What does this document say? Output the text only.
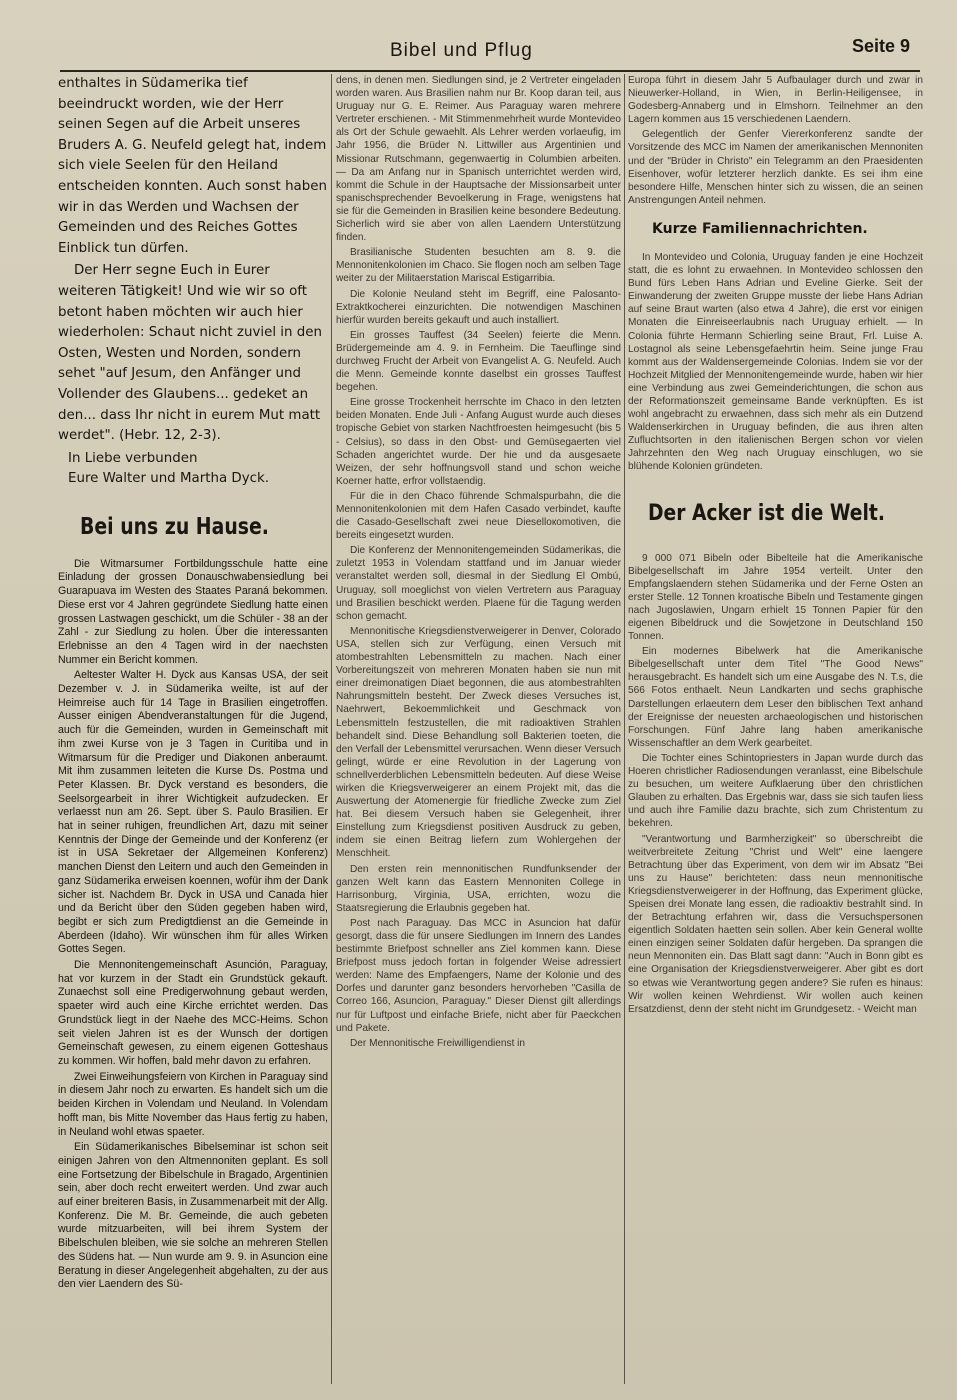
Bibel und Pflug	Seite 9

enthaltes in Südamerika tief beeindruckt worden, wie der Herr seinen Segen auf die Arbeit unseres Bruders A. G. Neufeld gelegt hat, indem sich viele Seelen für den Heiland entscheiden konnten. Auch sonst haben wir in das Werden und Wachsen der Gemeinden und des Reiches Gottes Einblick tun dürfen.

Der Herr segne Euch in Eurer weiteren Tätigkeit! Und wie wir so oft betont haben möchten wir auch hier wiederholen: Schaut nicht zuviel in den Osten, Westen und Norden, sondern sehet "auf Jesum, den Anfänger und Vollender des Glaubens... gedeket an den... dass Ihr nicht in eurem Mut matt werdet". (Hebr. 12, 2-3).

In Liebe verbunden
Eure Walter und Martha Dyck.
Bei uns zu Hause.

Die Witmarsumer Fortbildungsschule hatte eine Einladung der grossen Donauschwabensiedlung bei Guarapuava im Westen des Staates Paraná bekommen. Diese erst vor 4 Jahren gegründete Siedlung hatte einen grossen Lastwagen geschickt, um die Schüler - 38 an der Zahl - zur Siedlung zu holen. Über die interessanten Erlebnisse an den 4 Tagen wird in der naechsten Nummer ein Bericht kommen.

Aeltester Walter H. Dyck aus Kansas USA, der seit Dezember v. J. in Südamerika weilte, ist auf der Heimreise auch für 14 Tage in Brasilien eingetroffen. Ausser einigen Abendveranstaltungen für die Jugend, auch für die Gemeinden, wurden in Gemeinschaft mit ihm zwei Kurse von je 3 Tagen in Curitiba und in Witmarsum für die Prediger und Diakonen anberaumt. Mit ihm zusammen leiteten die Kurse Ds. Postma und Peter Klassen. Br. Dyck verstand es besonders, die Seelsorgearbeit in ihrer Wichtigkeit aufzudecken. Er verlaesst nun am 26. Sept. über S. Paulo Brasilien. Er hat in seiner ruhigen, freundlichen Art, dazu mit seiner Kenntnis der Dinge der Gemeinde und der Konferenz (er ist in USA Sekretaer der Allgemeinen Konferenz) manchen Dienst den Leitern und auch den Gemeinden in ganz Südamerika erweisen koennen, wofür ihm der Dank sicher ist. Nachdem Br. Dyck in USA und Canada hier und da Bericht über den Süden gegeben haben wird, begibt er sich zum Predigtdienst an die Gemeinde in Aberdeen (Idaho). Wir wünschen ihm für alles Wirken Gottes Segen.

Die Mennonitengemeinschaft Asunción, Paraguay, hat vor kurzem in der Stadt ein Grundstück gekauft. Zunaechst soll eine Predigerwohnung gebaut werden, spaeter wird auch eine Kirche errichtet werden. Das Grundstück liegt in der Naehe des MCC-Heims. Schon seit vielen Jahren ist es der Wunsch der dortigen Gemeinschaft gewesen, zu einem eigenen Gotteshaus zu kommen. Wir hoffen, bald mehr davon zu erfahren.

Zwei Einweihungsfeiern von Kirchen in Paraguay sind in diesem Jahr noch zu erwarten. Es handelt sich um die beiden Kirchen in Volendam und Neuland. In Volendam hofft man, bis Mitte November das Haus fertig zu haben, in Neuland wohl etwas spaeter.

Ein Südamerikanisches Bibelseminar ist schon seit einigen Jahren von den Altmennoniten geplant. Es soll eine Fortsetzung der Bibelschule in Bragado, Argentinien sein, aber doch recht erweitert werden. Und zwar auch auf einer breiteren Basis, in Zusammenarbeit mit der Allg. Konferenz. Die M. Br. Gemeinde, die auch gebeten wurde mitzuarbeiten, will bei ihrem System der Bibelschulen bleiben, wie sie solche an mehreren Stellen des Südens hat. — Nun wurde am 9. 9. in Asuncion eine Beratung in dieser Angelegenheit abgehalten, zu der aus den vier Laendern des Sü-

dens, in denen men. Siedlungen sind, je 2 Vertreter eingeladen worden waren. Aus Brasilien nahm nur Br. Koop daran teil, aus Uruguay nur G. E. Reimer. Aus Paraguay waren mehrere Vertreter erschienen. - Mit Stimmenmehrheit wurde Montevideo als Ort der Schule gewaehlt. Als Lehrer werden vorlaeufig, im Jahr 1956, die Brüder N. Littwiller aus Argentinien und Missionar Rutschmann, gegenwaertig in Columbien arbeiten. — Da am Anfang nur in Spanisch unterrichtet werden wird, kommt die Schule in der Hauptsache der Missionsarbeit unter spanischsprechender Bevoelkerung in Frage, wenigstens hat sie für die Gemeinden in Brasilien keine besondere Bedeutung. Sicherlich wird sie aber von allen Laendern Unterstützung finden.

Brasilianische Studenten besuchten am 8. 9. die Mennonitenkolonien im Chaco. Sie flogen noch am selben Tage weiter zu der Militaerstation Mariscal Estigarribia.

Die Kolonie Neuland steht im Begriff, eine Palosanto- Extraktkocherei einzurichten. Die notwendigen Maschinen hierfür wurden bereits gekauft und auch installiert.

Ein grosses Tauffest (34 Seelen) feierte die Menn. Brüdergemeinde am 4. 9. in Fernheim. Die Taeuflinge sind durchweg Frucht der Arbeit von Evangelist A. G. Neufeld. Auch die Menn. Gemeinde konnte daselbst ein grosses Tauffest begehen.

Eine grosse Trockenheit herrschte im Chaco in den letzten beiden Monaten. Ende Juli - Anfang August wurde auch dieses tropische Gebiet von starken Nachtfroesten heimgesucht (bis 5 - Celsius), so dass in den Obst- und Gemüsegaerten viel Schaden angerichtet wurde. Der hie und da ausgesaete Weizen, der sehr hoffnungsvoll stand und schon weiche Koerner hatte, erfror vollstaendig.

Für die in den Chaco führende Schmalspurbahn, die die Mennonitenkolonien mit dem Hafen Casado verbindet, kaufte die Casado-Gesellschaft zwei neue Dieselloкomotiven, die bereits eingesetzt wurden.

Die Konferenz der Mennonitengemeinden Südamerikas, die zuletzt 1953 in Volendam stattfand und im Januar wieder veranstaltet werden soll, diesmal in der Siedlung El Ombú, Uruguay, soll moeglichst von vielen Vertretern aus Paraguay und Brasilien beschickt werden. Plaene für die Tagung werden schon gemacht.

Mennonitische Kriegsdienstverweigerer in Denver, Colorado USA, stellen sich zur Verfügung, einen Versuch mit atombestrahlten Lebensmitteln zu machen. Nach einer Vorbereitungszeit von mehreren Monaten haben sie nun mit einer dreimonatigen Diaet begonnen, die aus atombestrahlten Nahrungsmitteln besteht. Der Zweck dieses Versuches ist, Naehrwert, Bekoemmlichkeit und Geschmack von Lebensmitteln festzustellen, die mit radioaktiven Strahlen behandelt sind. Diese Behandlung soll Bakterien toeten, die den Verfall der Lebensmittel verursachen. Wenn dieser Versuch gelingt, würde er eine Revolution in der Lagerung von schnellverderblichen Lebensmitteln bedeuten. Auf diese Weise wirken die Kriegsverweigerer an einem Projekt mit, das die Auswertung der Atomenergie für friedliche Zwecke zum Ziel hat. Bei diesem Versuch haben sie Gelegenheit, ihrer Einstellung zum Kriegsdienst positiven Ausdruck zu geben, indem sie einen Beitrag liefern zum Wohlergehen der Menschheit.

Den ersten rein mennonitischen Rundfunksender der ganzen Welt kann das Eastern Mennoniten College in Harrisonburg, Virginia, USA, errichten, wozu die Staatsregierung die Erlaubnis gegeben hat.

Post nach Paraguay. Das MCC in Asuncion hat dafür gesorgt, dass die für unsere Siedlungen im Innern des Landes bestimmte Briefpost schneller ans Ziel kommen kann. Diese Briefpost muss jedoch fortan in folgender Weise adressiert werden: Name des Empfaengers, Name der Kolonie und des Dorfes und darunter ganz besonders hervorheben "Casilla de Correo 166, Asuncion, Paraguay." Dieser Dienst gilt allerdings nur für Luftpost und einfache Briefe, nicht aber für Paeckchen und Pakete.

Der Mennonitische Freiwilligendienst in

Europa führt in diesem Jahr 5 Aufbaulager durch und zwar in Nieuwerker-Holland, in Wien, in Berlin-Heiligensee, in Godesberg-Annaberg und in Elmshorn. Teilnehmer an den Lagern kommen aus 15 verschiedenen Laendern.

Gelegentlich der Genfer Viererkonferenz sandte der Vorsitzende des MCC im Namen der amerikanischen Mennoniten und der "Brüder in Christo" ein Telegramm an den Praesidenten Eisenhover, wofür letzterer herzlich dankte. Es sei ihm eine besondere Hilfe, Menschen hinter sich zu wissen, die an seinen Anstrengungen Anteil nehmen.

Kurze Familiennachrichten.

In Montevideo und Colonia, Uruguay fanden je eine Hochzeit statt, die es lohnt zu erwaehnen. In Montevideo schlossen den Bund fürs Leben Hans Adrian und Eveline Gierke. Seit der Einwanderung der zweiten Gruppe musste der liebe Hans Adrian auf seine Braut warten (also etwa 4 Jahre), die erst vor einigen Monaten die Einreiseerlaubnis nach Uruguay erhielt. — In Colonia führte Hermann Schierling seine Braut, Frl. Luise A. Lostagnol als seine Lebensgefaehrtin heim. Seine junge Frau kommt aus der Waldensergemeinde Colonias. Indem sie vor der Hochzeit Mitglied der Mennonitengemeinde wurde, haben wir hier eine Verbindung aus zwei Gemeinderichtungen, die schon aus der Reformationszeit gemeinsame Bande verknüpften. Es ist wohl angebracht zu erwaehnen, dass sich mehr als ein Dutzend Waldenserkirchen in Uruguay befinden, die aus ihren alten Zufluchtsorten in den italienischen Bergen schon vor vielen Jahrzehnten den Weg nach Uruguay einschlugen, wo sie blühende Kolonien gründeten.

Der Acker ist die Welt.

9 000 071 Bibeln oder Bibelteile hat die Amerikanische Bibelgesellschaft im Jahre 1954 verteilt. Unter den Empfangslaendern stehen Südamerika und der Ferne Osten an erster Stelle. 12 Tonnen kroatische Bibeln und Testamente gingen nach Jugoslawien, Ungarn erhielt 15 Tonnen Papier für den eigenen Bibeldruck und die Sowjetzone in Deutschland 150 Tonnen.

Ein modernes Bibelwerk hat die Amerikanische Bibelgesellschaft unter dem Titel "The Good News" herausgebracht. Es handelt sich um eine Ausgabe des N. T.s, die 566 Fotos enthaelt. Neun Landkarten und sechs graphische Darstellungen erlaeutern dem Leser den biblischen Text anhand der Ereignisse der neuesten archaeologischen und historischen Forschungen. Fünf Jahre lang haben amerikanische Wissenschaftler an dem Werk gearbeitet.

Die Tochter eines Schintopriesters in Japan wurde durch das Hoeren christlicher Radiosendungen veranlasst, eine Bibelschule zu besuchen, um weitere Aufklaerung über den christlichen Glauben zu erhalten. Das Ergebnis war, dass sie sich taufen liess und auch ihre Familie dazu brachte, sich zum Christentum zu bekehren.

"Verantwortung und Barmherzigkeit" so überschreibt die weitverbreitete Zeitung "Christ und Welt" eine laengere Betrachtung über das Experiment, von dem wir im Absatz "Bei uns zu Hause" berichteten: dass neun mennonitische Kriegsdienstverweigerer in der Hoffnung, das Experiment glücke, Speisen drei Monate lang essen, die radioaktiv bestrahlt sind. In der Betrachtung erfahren wir, dass die Versuchspersonen eigentlich Soldaten haetten sein sollen. Aber kein General wollte einen einzigen seiner Soldaten dafür hergeben. Da sprangen die neun Mennoniten ein. Das Blatt sagt dann: "Auch in Bonn gibt es eine Organisation der Kriegsdienstverweigerer. Aber gibt es dort so etwas wie Verantwortung gegen andere? Sie rufen es hinaus: Wir wollen keinen Wehrdienst. Wir wollen auch keinen Ersatzdienst, denn der steht nicht im Grundgesetz. - Weicht man
